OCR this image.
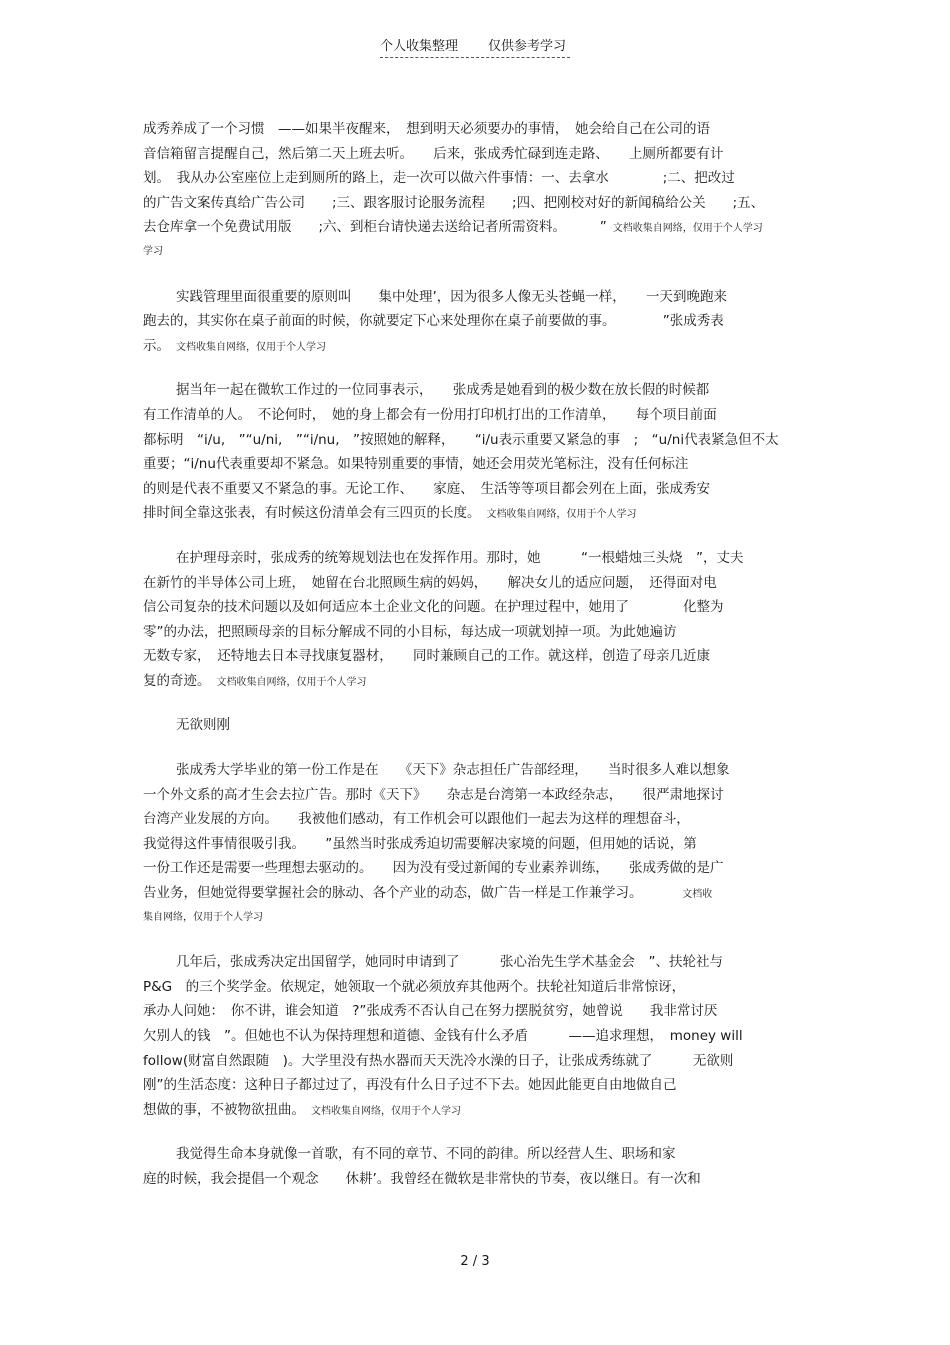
个人收集整理 仅供参考学习
成秀养成了一个习惯　——如果半夜醒来，　想到明天必须要办的事情，　她会给自己在公司的语
音信箱留言提醒自己，然后第二天上班去听。　　后来，张成秀忙碌到连走路、　　上厕所都要有计
划。　我从办公室座位上走到厕所的路上，走一次可以做六件事情：一、去拿水　　　　;二、把改过
的广告文案传真给广告公司　　;三、跟客服讨论服务流程　　;四、把刚校对好的新闻稿给公关　　;五、
去仓库拿一个免费试用版　　;六、到柜台请快递去送给记者所需资料。　　　” 文档收集自网络，仅用于个人学习
学习
实践管理里面很重要的原则叫　　集中处理’，因为很多人像无头苍蝇一样，　　一天到晚跑来
跑去的，其实你在桌子前面的时候，你就要定下心来处理你在桌子前要做的事。　　　　”张成秀表
示。 文档收集自网络，仅用于个人学习
据当年一起在微软工作过的一位同事表示，　　张成秀是她看到的极少数在放长假的时候都
有工作清单的人。　不论何时，　她的身上都会有一份用打印机打出的工作清单，　　每个项目前面
都标明　“i/u,　”“u/ni,　”“i/nu,　”按照她的解释，　　“i/u表示重要又紧急的事　;　“u/ni代表紧急但不太
重要；“i/nu代表重要却不紧急。如果特别重要的事情，她还会用荧光笔标注，没有任何标注
的则是代表不重要又不紧急的事。无论工作、　　家庭、　生活等等项目都会列在上面，张成秀安
排时间全靠这张表，有时候这份清单会有三四页的长度。 文档收集自网络，仅用于个人学习
在护理母亲时，张成秀的统筹规划法也在发挥作用。那时，她　　　“一根蜡烛三头烧　”，丈夫
在新竹的半导体公司上班，　她留在台北照顾生病的妈妈，　　解决女儿的适应问题，　还得面对电
信公司复杂的技术问题以及如何适应本土企业文化的问题。在护理过程中，她用了　　　　化整为
零”的办法，把照顾母亲的目标分解成不同的小目标，每达成一项就划掉一项。为此她遍访
无数专家，　还特地去日本寻找康复器材，　　同时兼顾自己的工作。就这样，创造了母亲几近康
复的奇迹。 文档收集自网络，仅用于个人学习
无欲则刚
张成秀大学毕业的第一份工作是在　　《天下》杂志担任广告部经理，　　当时很多人难以想象
一个外文系的高才生会去拉广告。那时《天下》　　杂志是台湾第一本政经杂志，　　很严肃地探讨
台湾产业发展的方向。　　我被他们感动，有工作机会可以跟他们一起去为这样的理想奋斗，
我觉得这件事情很吸引我。　　”虽然当时张成秀迫切需要解决家境的问题，但用她的话说，第
一份工作还是需要一些理想去驱动的。　　因为没有受过新闻的专业素养训练，　　张成秀做的是广
告业务，但她觉得要掌握社会的脉动、各个产业的动态，做广告一样是工作兼学习。　　　文档收
集自网络，仅用于个人学习
几年后，张成秀决定出国留学，她同时申请到了　　　张心治先生学术基金会　”、扶轮社与
P&G　的三个奖学金。依规定，她领取一个就必须放弃其他两个。扶轮社知道后非常惊讶，
承办人问她：　你不讲，谁会知道　?”张成秀不否认自己在努力摆脱贫穷，她曾说　　我非常讨厌
欠别人的钱　”。但她也不认为保持理想和道德、金钱有什么矛盾　　　——追求理想，　money will
follow(财富自然跟随　)。大学里没有热水器而天天洗冷水澡的日子，让张成秀练就了　　　无欲则
刚”的生活态度：这种日子都过过了，再没有什么日子过不下去。她因此能更自由地做自己
想做的事，不被物欲扭曲。 文档收集自网络，仅用于个人学习
我觉得生命本身就像一首歌，有不同的章节、不同的韵律。所以经营人生、职场和家
庭的时候，我会提倡一个观念　　休耕’。我曾经在微软是非常快的节奏，夜以继日。有一次和
2 / 3
